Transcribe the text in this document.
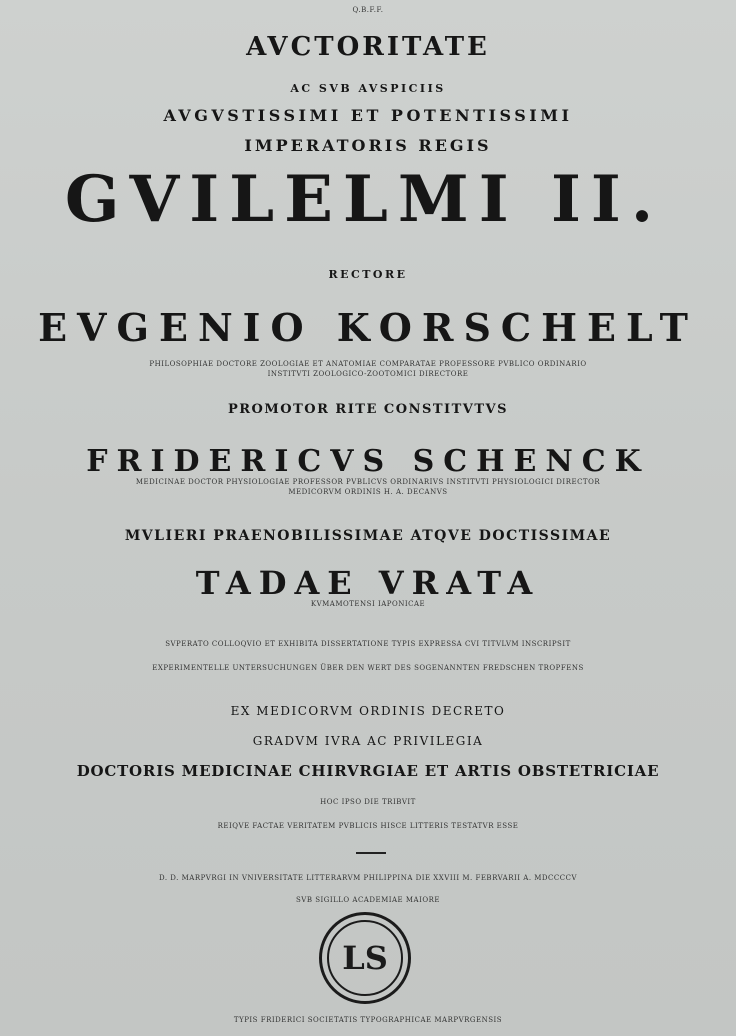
Q.B.F.F.
AVCTORITATE
AC SVB AVSPICIIS
AVGVSTISSIMI ET POTENTISSIMI
IMPERATORIS REGIS
GVILELMI II.
RECTORE
EVGENIO KORSCHELT
PHILOSOPHIAE DOCTORE ZOOLOGIAE ET ANATOMIAE COMPARATAE PROFESSORE PVBLICO ORDINARIO
INSTITVTI ZOOLOGICO-ZOOTOMICI DIRECTORE
PROMOTOR RITE CONSTITVTVS
FRIDERICVS SCHENCK
MEDICINAE DOCTOR PHYSIOLOGIAE PROFESSOR PVBLICVS ORDINARIVS INSTITVTI PHYSIOLOGICI DIRECTOR
MEDICORVM ORDINIS H. A. DECANVS
MVLIERI PRAENOBILISSIMAE ATQVE DOCTISSIMAE
TADAE VRATA
KVMAMOTENSI IAPONICAE
SVPERATO COLLOQVIO ET EXHIBITA DISSERTATIONE TYPIS EXPRESSA CVI TITVLVM INSCRIPSIT
EXPERIMENTELLE UNTERSUCHUNGEN ÜBER DEN WERT DES SOGENANNTEN FREDSCHEN TROPFENS
EX MEDICORVM ORDINIS DECRETO
GRADVM IVRA AC PRIVILEGIA
DOCTORIS MEDICINAE CHIRVRGIAE ET ARTIS OBSTETRICIAE
HOC IPSO DIE TRIBVIT
REIQVE FACTAE VERITATEM PVBLICIS HISCE LITTERIS TESTATVR ESSE
D. D. MARPVRGI IN VNIVERSITATE LITTERARVM PHILIPPINA DIE XXVIII M. FEBRVARII A. MDCCCCV
SVB SIGILLO ACADEMIAE MAIORE
LS
TYPIS FRIDERICI SOCIETATIS TYPOGRAPHICAE MARPVRGENSIS
